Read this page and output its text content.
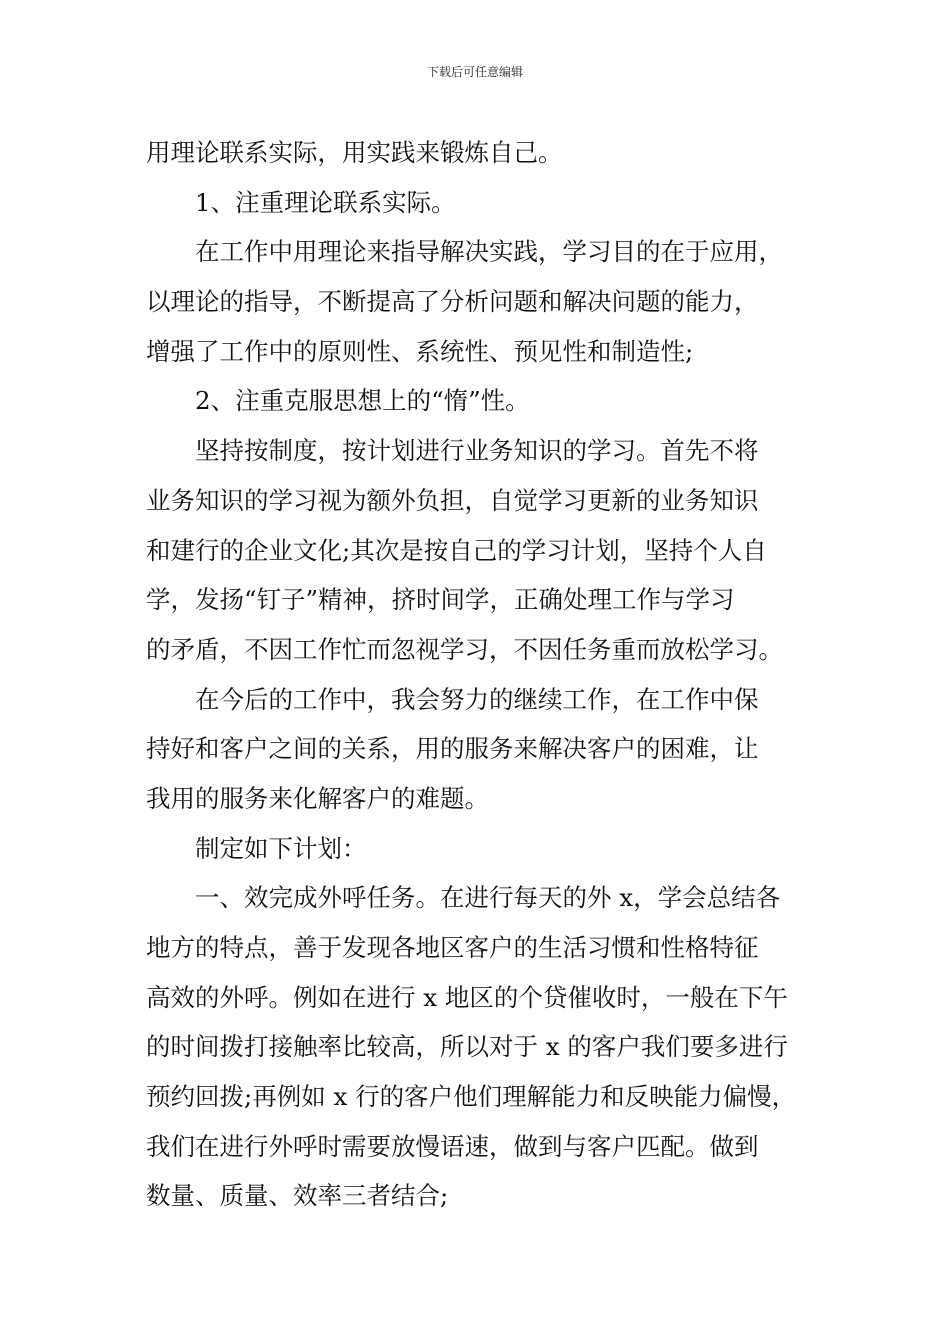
下载后可任意编辑
用理论联系实际，用实践来锻炼自己。
1、注重理论联系实际。
在工作中用理论来指导解决实践，学习目的在于应用，
以理论的指导，不断提高了分析问题和解决问题的能力，
增强了工作中的原则性、系统性、预见性和制造性;
2、注重克服思想上的“惰”性。
坚持按制度，按计划进行业务知识的学习。首先不将
业务知识的学习视为额外负担，自觉学习更新的业务知识
和建行的企业文化;其次是按自己的学习计划，坚持个人自
学，发扬“钉子”精神，挤时间学，正确处理工作与学习
的矛盾，不因工作忙而忽视学习，不因任务重而放松学习。
在今后的工作中，我会努力的继续工作，在工作中保
持好和客户之间的关系，用的服务来解决客户的困难，让
我用的服务来化解客户的难题。
制定如下计划：
一、效完成外呼任务。在进行每天的外 x，学会总结各
地方的特点，善于发现各地区客户的生活习惯和性格特征
高效的外呼。例如在进行 x 地区的个贷催收时，一般在下午
的时间拨打接触率比较高，所以对于 x 的客户我们要多进行
预约回拨;再例如 x 行的客户他们理解能力和反映能力偏慢，
我们在进行外呼时需要放慢语速，做到与客户匹配。做到
数量、质量、效率三者结合;
